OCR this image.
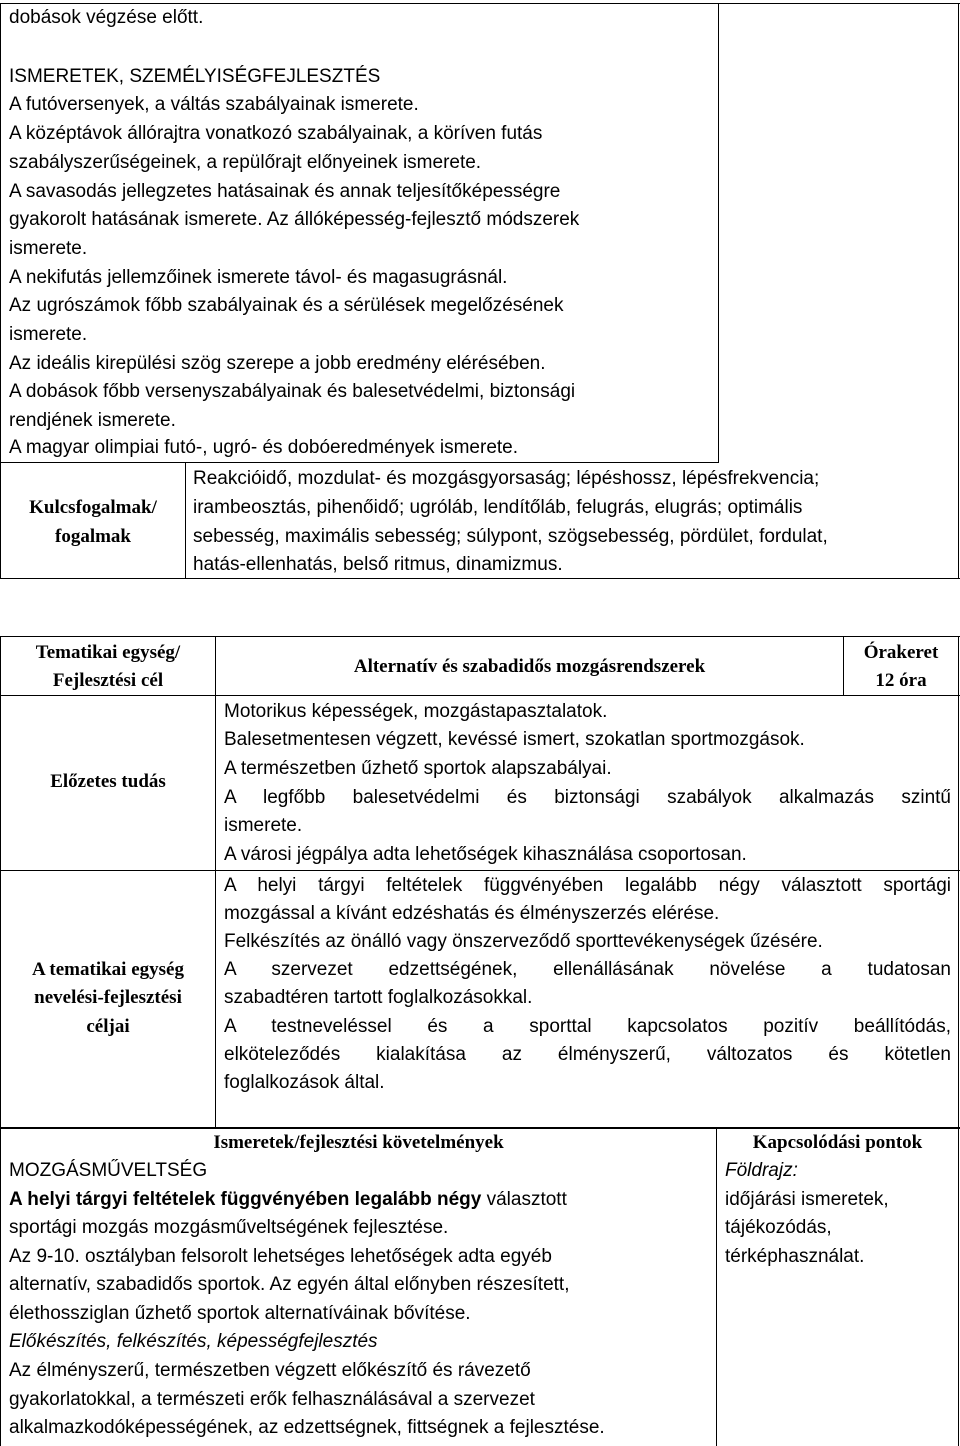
dobások végzése előtt.
ISMERETEK, SZEMÉLYISÉGFEJLESZTÉS
A futóversenyek, a váltás szabályainak ismerete.
A középtávok állórajtra vonatkozó szabályainak, a köríven futás
szabályszerűségeinek, a repülőrajt előnyeinek ismerete.
A savasodás jellegzetes hatásainak és annak teljesítőképességre
gyakorolt hatásának ismerete. Az állóképesség-fejlesztő módszerek
ismerete.
A nekifutás jellemzőinek ismerete távol- és magasugrásnál.
Az ugrószámok főbb szabályainak és a sérülések megelőzésének
ismerete.
Az ideális kirepülési szög szerepe a jobb eredmény elérésében.
A dobások főbb versenyszabályainak és balesetvédelmi, biztonsági
rendjének ismerete.
A magyar olimpiai futó-, ugró- és dobóeredmények ismerete.
Kulcsfogalmak/
fogalmak
Reakcióidő, mozdulat- és mozgásgyorsaság; lépéshossz, lépésfrekvencia;
irambeosztás, pihenőidő; ugróláb, lendítőláb, felugrás, elugrás; optimális
sebesség, maximális sebesség; súlypont, szögsebesség, pördület, fordulat,
hatás-ellenhatás, belső ritmus, dinamizmus.
Tematikai egység/
Fejlesztési cél
Alternatív és szabadidős mozgásrendszerek
Órakeret
12 óra
Előzetes tudás
Motorikus képességek, mozgástapasztalatok.
Balesetmentesen végzett, kevéssé ismert, szokatlan sportmozgások.
A természetben űzhető sportok alapszabályai.
A legfőbb balesetvédelmi és biztonsági szabályok alkalmazás szintű
ismerete.
A városi jégpálya adta lehetőségek kihasználása csoportosan.
A tematikai egység
nevelési-fejlesztési
céljai
A helyi tárgyi feltételek függvényében legalább négy választott sportági
mozgással a kívánt edzéshatás és élményszerzés elérése.
Felkészítés az önálló vagy önszerveződő sporttevékenységek űzésére.
A szervezet edzettségének, ellenállásának növelése a tudatosan
szabadtéren tartott foglalkozásokkal.
A testneveléssel és a sporttal kapcsolatos pozitív beállítódás,
elköteleződés kialakítása az élményszerű, változatos és kötetlen
foglalkozások által.
Ismeretek/fejlesztési követelmények	Kapcsolódási pontok
MOZGÁSMŰVELTSÉG
A helyi tárgyi feltételek függvényében legalább négy választott
sportági mozgás mozgásműveltségének fejlesztése.
Az 9-10. osztályban felsorolt lehetséges lehetőségek adta egyéb
alternatív, szabadidős sportok. Az egyén által előnyben részesített,
élethossziglan űzhető sportok alternatíváinak bővítése.
Előkészítés, felkészítés, képességfejlesztés
Az élményszerű, természetben végzett előkészítő és rávezető
gyakorlatokkal, a természeti erők felhasználásával a szervezet
alkalmazkodóképességének, az edzettségnek, fittségnek a fejlesztése.
Földrajz:
időjárási ismeretek,
tájékozódás,
térképhasználat.
